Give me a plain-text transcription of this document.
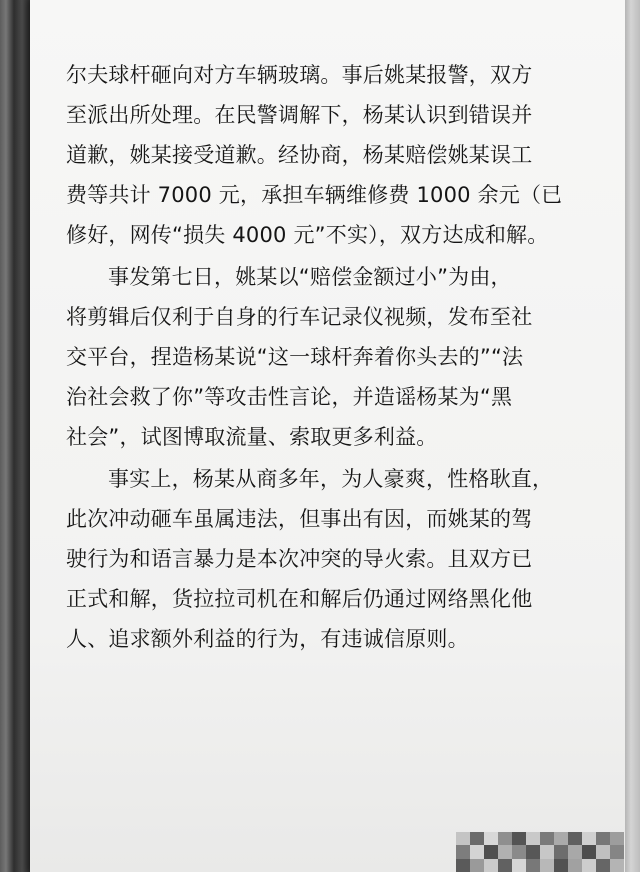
尔夫球杆砸向对方车辆玻璃。事后姚某报警，双方
至派出所处理。在民警调解下，杨某认识到错误并
道歉，姚某接受道歉。经协商，杨某赔偿姚某误工
费等共计 7000 元，承担车辆维修费 1000 余元（已
修好，网传“损失 4000 元”不实），双方达成和解。
事发第七日，姚某以“赔偿金额过小”为由，
将剪辑后仅利于自身的行车记录仪视频，发布至社
交平台，捏造杨某说“这一球杆奔着你头去的”“法
治社会救了你”等攻击性言论，并造谣杨某为“黑
社会”，试图博取流量、索取更多利益。
事实上，杨某从商多年，为人豪爽，性格耿直，
此次冲动砸车虽属违法，但事出有因，而姚某的驾
驶行为和语言暴力是本次冲突的导火索。且双方已
正式和解，货拉拉司机在和解后仍通过网络黑化他
人、追求额外利益的行为，有违诚信原则。
